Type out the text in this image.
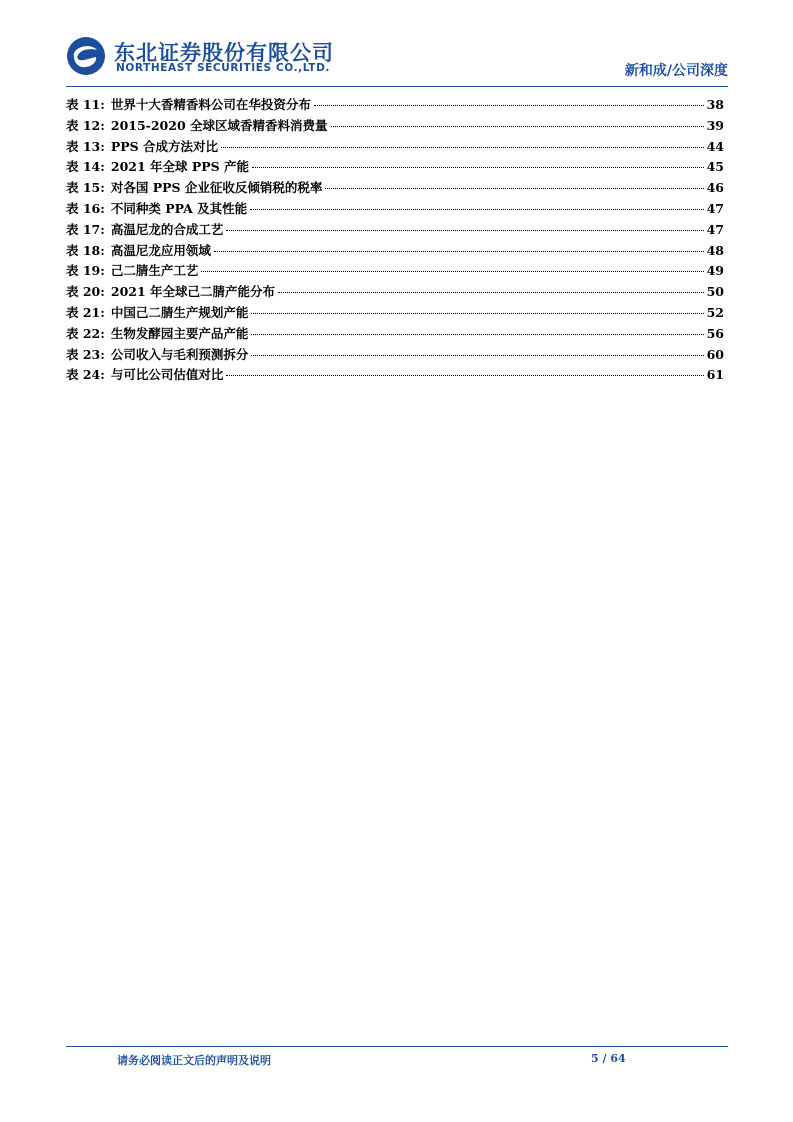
东北证券股份有限公司
NORTHEAST SECURITIES CO.,LTD.	新和成/公司深度
表 11: 世界十大香精香料公司在华投资分布	38
表 12: 2015-2020 全球区域香精香料消费量	39
表 13: PPS 合成方法对比	44
表 14: 2021 年全球 PPS 产能	45
表 15: 对各国 PPS 企业征收反倾销税的税率	46
表 16: 不同种类 PPA 及其性能	47
表 17: 高温尼龙的合成工艺	47
表 18: 高温尼龙应用领域	48
表 19: 己二腈生产工艺	49
表 20: 2021 年全球己二腈产能分布	50
表 21: 中国己二腈生产规划产能	52
表 22: 生物发酵园主要产品产能	56
表 23: 公司收入与毛利预测拆分	60
表 24: 与可比公司估值对比	61
请务必阅读正文后的声明及说明	5 / 64
